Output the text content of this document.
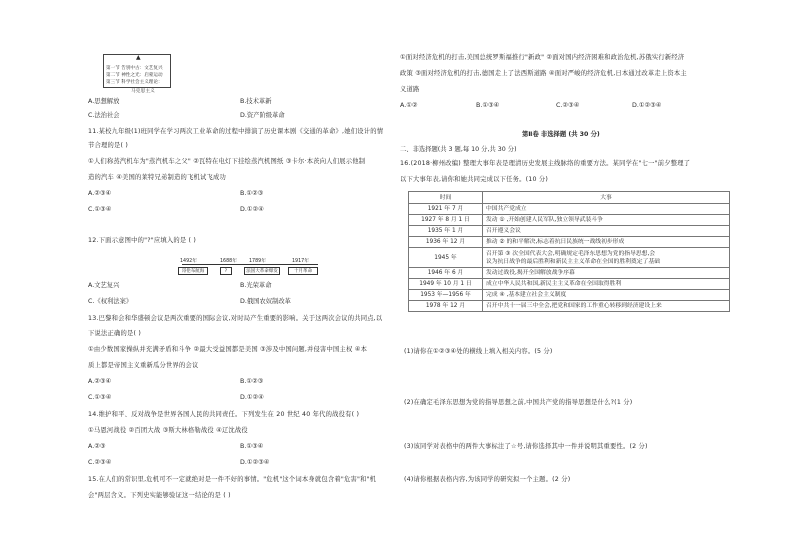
▲
第一节 告别中古：文艺复兴
第二节 神性之光：启蒙运动
第三节 科学社会主义理论：
马克思主义
A.思想解放	B.技术革新
C.法治社会	D.资产阶级革命
11.某校九年级(1)班同学在学习两次工业革命的过程中排演了历史课本剧《交通的革命》,她们设计的情
节合理的是( )
①人们称蒸汽机车为"蒸汽机车之父" ②瓦特在电灯下挂绘蒸汽机图纸 ③卡尔·本茨向人们展示他制
造的汽车 ④美国的莱特兄弟制造的飞机试飞成功
A.②③④	B.①②③
C.①③④	D.①②④
12.下面示意图中的"?"应填入的是 ( )
1492年	1688年 1789年	1917年
哥伦布航海	?	法国大革命爆发	十月革命
A.文艺复兴	B.光荣革命
C.《权利法案》	D.俄国农奴制改革
13.巴黎和会和华盛顿会议是两次重要的国际会议,对时局产生重要的影响。关于这两次会议的共同点,以
下说法正确的是( )
①由少数国家操纵并充满矛盾和斗争 ②最大受益国都是美国 ③涉及中国问题,并侵害中国主权 ④本
质上都是帝国主义重新瓜分世界的会议
A.②③④	B.①②③
C.①③④	D.①②④
14.维护和平、反对战争是世界各国人民的共同责任。下列发生在 20 世纪 40 年代的战役有( )
①马恩河战役 ②百团大战 ③斯大林格勒战役 ④辽沈战役
A.②③	B.①③④
C.②③④	D.①②③④
15.在人们的常识里,危机可不一定就绝对是一件不好的事情。"危机"这个词本身就包含着"危害"和"机
会"两层含义。下列史实能够验证这一结论的是 ( )
①面对经济危机的打击,美国总统罗斯福推行"新政" ②面对国内经济困难和政治危机,苏俄实行新经济
政策 ③面对经济危机的打击,德国走上了法西斯道路 ④面对严峻的经济危机,日本通过改革走上资本主
义道路
A.①②	B.①③④	C.②③④	D.①②③④
第Ⅱ卷 非选择题 (共 30 分)
二、非选择题(共 3 题,每 10 分,共 30 分)
16.(2018·柳州改编) 整理大事年表是理清历史发展主线脉络的重要方法。某同学在"七一"前夕整理了
以下大事年表,请你和她共同完成以下任务。(10 分)
时间	大事
1921 年 7 月	中国共产党成立
1927 年 8 月 1 日	发动 ① ,开始创建人民军队,独立领导武装斗争
1935 年 1 月	召开遵义会议
1936 年 12 月	推动 ② 的和平解决,标志着抗日民族统一战线初步形成
1945 年	召开第 ③ 次全国代表大会,明确规定毛泽东思想为党的指导思想,会
议为抗日战争的最后胜利和新民主主义革命在全国的胜利奠定了基础

1946 年 6 月	发动过战役,揭开全国解放战争序幕
1949 年 10 月 1 日	成立中华人民共和国,新民主主义革命在全国取得胜利
1953 年—1956 年	完成 ④ ,基本建立社会主义制度
1978 年 12 月	召开中共十一届三中全会,把党和国家的工作重心转移到经济建设上来
(1)请你在①②③④处的横线上填入相关内容。(5 分)
(2)在确定毛泽东思想为党的指导思想之前,中国共产党的指导思想是什么?(1 分)
(3)该同学对表格中的两件大事标注了☆号,请你选择其中一件并说明其重要性。(2 分)
(4)请你根据表格内容,为该同学的研究拟一个主题。(2 分)
